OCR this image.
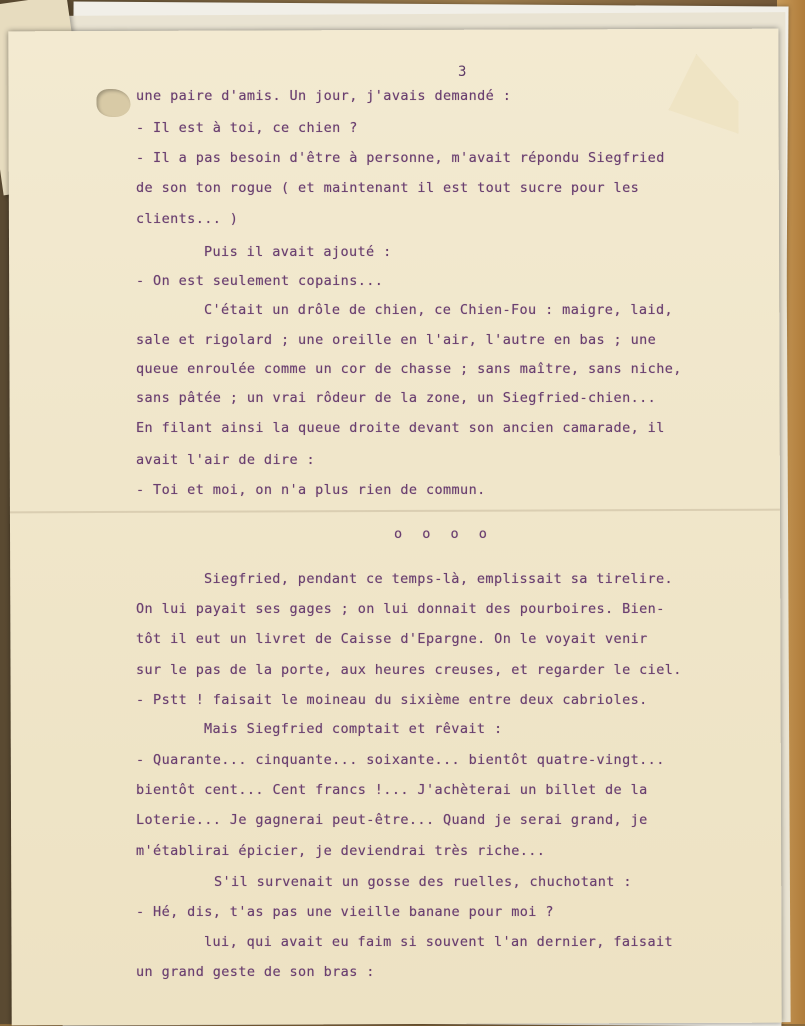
3
une paire d'amis. Un jour, j'avais demandé :
- Il est à toi, ce chien ?
- Il a pas besoin d'être à personne, m'avait répondu Siegfried
de son ton rogue ( et maintenant il est tout sucre pour les
clients... )
Puis il avait ajouté :
- On est seulement copains...
C'était un drôle de chien, ce Chien-Fou : maigre, laid,
sale et rigolard ; une oreille en l'air, l'autre en bas ; une
queue enroulée comme un cor de chasse ; sans maître, sans niche,
sans pâtée ; un vrai rôdeur de la zone, un Siegfried-chien...
En filant ainsi la queue droite devant son ancien camarade, il
avait l'air de dire :
- Toi et moi, on n'a plus rien de commun.
o o o o
Siegfried, pendant ce temps-là, emplissait sa tirelire.
On lui payait ses gages ; on lui donnait des pourboires. Bien-
tôt il eut un livret de Caisse d'Epargne. On le voyait venir
sur le pas de la porte, aux heures creuses, et regarder le ciel.
- Pstt ! faisait le moineau du sixième entre deux cabrioles.
Mais Siegfried comptait et rêvait :
- Quarante... cinquante... soixante... bientôt quatre-vingt...
bientôt cent... Cent francs !... J'achèterai un billet de la
Loterie... Je gagnerai peut-être... Quand je serai grand, je
m'établirai épicier, je deviendrai très riche...
S'il survenait un gosse des ruelles, chuchotant :
- Hé, dis, t'as pas une vieille banane pour moi ?
lui, qui avait eu faim si souvent l'an dernier, faisait
un grand geste de son bras :
